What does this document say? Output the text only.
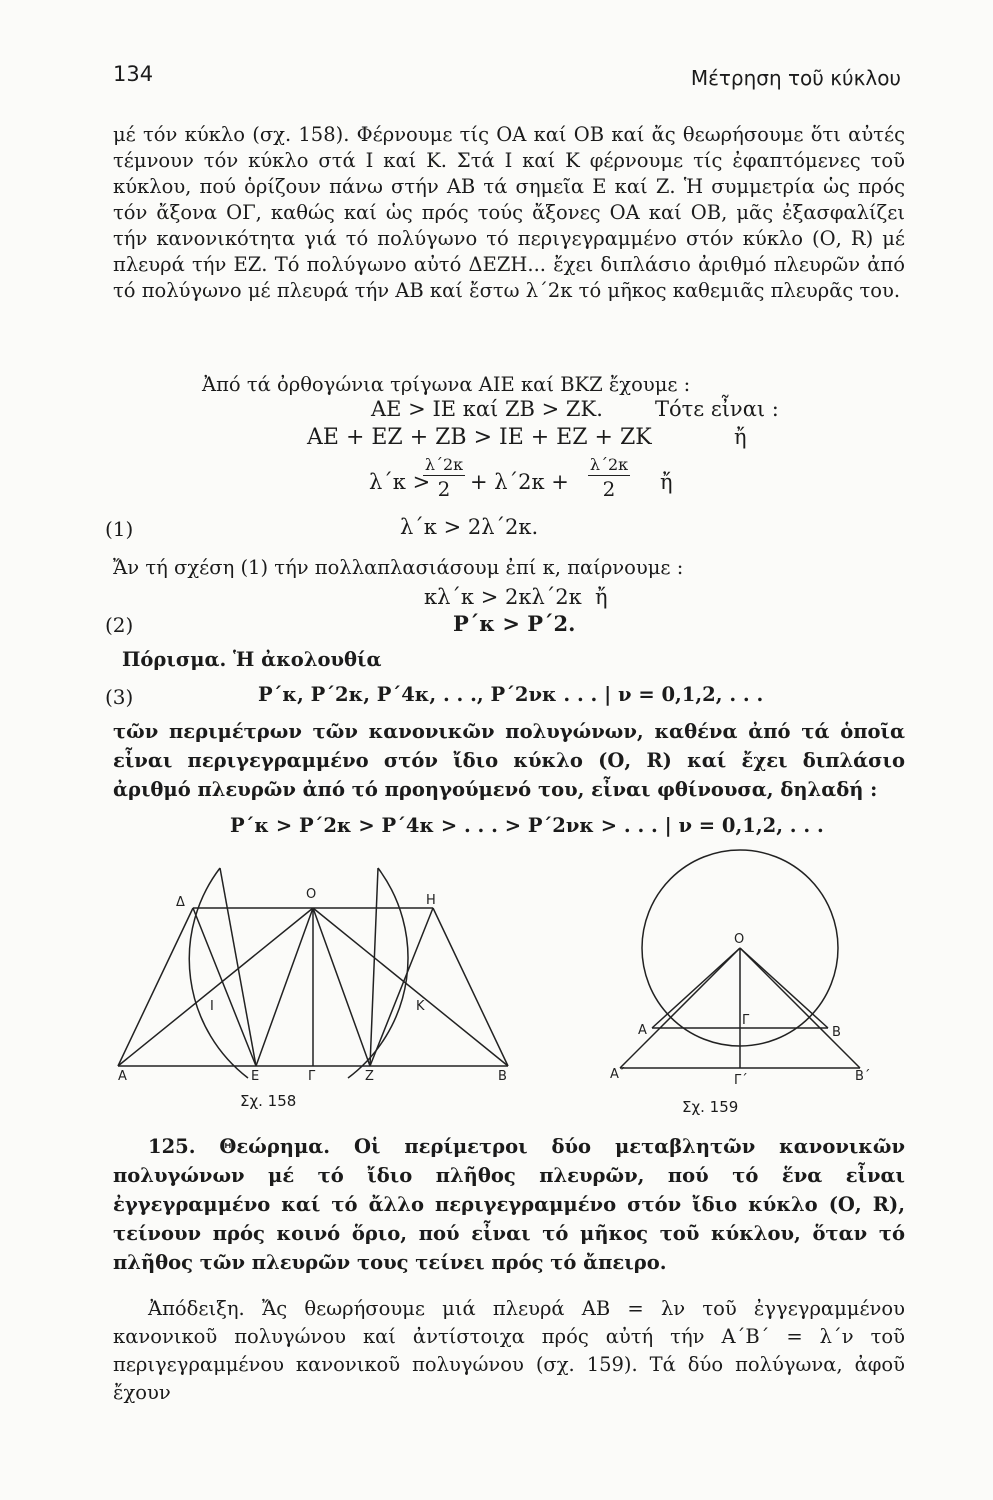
134	Μέτρηση τοῦ κύκλου
μέ τόν κύκλο (σχ. 158). Φέρνουμε τίς ΟΑ καί ΟΒ καί ἄς θεωρήσουμε ὅτι αὐτές τέμνουν τόν κύκλο στά Ι καί Κ. Στά Ι καί Κ φέρνουμε τίς ἐφαπτόμενες τοῦ κύκλου, πού ὁρίζουν πάνω στήν ΑΒ τά σημεῖα Ε καί Ζ. Ἡ συμμετρία ὡς πρός τόν ἄξονα ΟΓ, καθώς καί ὡς πρός τούς ἄξονες ΟΑ καί ΟΒ, μᾶς ἐξασφαλίζει τήν κανονικότητα γιά τό πολύγωνο τό περιγεγραμμένο στόν κύκλο (Ο, R) μέ πλευρά τήν ΕΖ. Τό πολύγωνο αὐτό ΔΕΖΗ... ἔχει διπλάσιο ἀριθμό πλευρῶν ἀπό τό πολύγωνο μέ πλευρά τήν ΑΒ καί ἔστω λ΄2κ τό μῆκος καθεμιᾶς πλευρᾶς του.
Ἀπό τά ὀρθογώνια τρίγωνα ΑΙΕ καί ΒΚΖ ἔχουμε :
ΑΕ > ΙΕ καί ΖΒ > ΖΚ. Τότε εἶναι :
ΑΕ + ΕΖ + ΖΒ > ΙΕ + ΕΖ + ΖΚ	ἤ
λ΄κ >
λ΄2κ
2 + λ΄2κ +
λ΄2κ
2	ἤ
(1)	λ΄κ > 2λ΄2κ.
Ἄν τή σχέση (1) τήν πολλαπλασιάσουμ ἐπί κ, παίρνουμε :
κλ΄κ > 2κλ΄2κ ἤ
(2)	P΄κ > P΄2.
Πόρισμα. Ἡ ἀκολουθία
(3)	P΄κ, P΄2κ, P΄4κ, . . ., P΄2νκ . . . | ν = 0,1,2, . . .
τῶν περιμέτρων τῶν κανονικῶν πολυγώνων, καθένα ἀπό τά ὁποῖα εἶναι περιγεγραμμένο στόν ἴδιο κύκλο (Ο, R) καί ἔχει διπλάσιο ἀριθμό πλευρῶν ἀπό τό προηγούμενό του, εἶναι φθίνουσα, δηλαδή :
P΄κ > P΄2κ > P΄4κ > . . . > P΄2νκ > . . . | ν = 0,1,2, . . .
Δ
Ο	Η
Ι	Κ
Α	Ε	Γ	Ζ	Β
Σχ. 158
Ο
Α
Γ
Β
Α΄	Γ΄	Β΄
Σχ. 159
125. Θεώρημα. Οἱ περίμετροι δύο μεταβλητῶν κανονικῶν πολυγώνων μέ τό ἴδιο πλῆθος πλευρῶν, πού τό ἕνα εἶναι ἐγγεγραμμένο καί τό ἄλλο περιγεγραμμένο στόν ἴδιο κύκλο (Ο, R), τείνουν πρός κοινό ὅριο, πού εἶναι τό μῆκος τοῦ κύκλου, ὅταν τό πλῆθος τῶν πλευρῶν τους τείνει πρός τό ἄπειρο.
Ἀπόδειξη. Ἄς θεωρήσουμε μιά πλευρά ΑΒ = λν τοῦ ἐγγεγραμμένου κανονικοῦ πολυγώνου καί ἀντίστοιχα πρός αὐτή τήν Α΄Β΄ = λ΄ν τοῦ περιγεγραμμένου κανονικοῦ πολυγώνου (σχ. 159). Τά δύο πολύγωνα, ἀφοῦ ἔχουν
